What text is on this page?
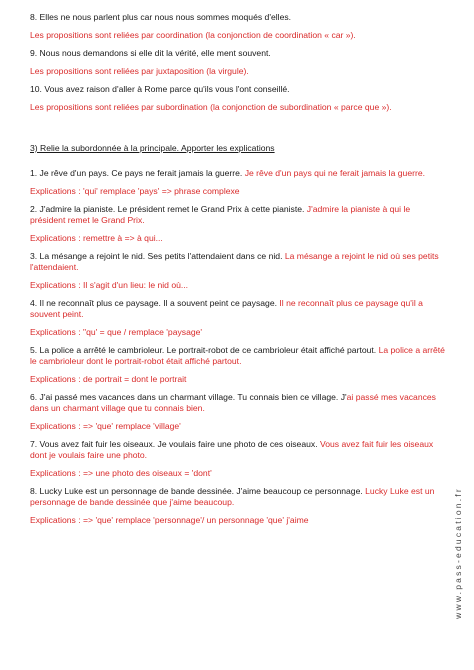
8. Elles ne nous parlent plus car nous nous sommes moqués d'elles.

Les propositions sont reliées par coordination (la conjonction de coordination « car »).

9. Nous nous demandons si elle dit la vérité, elle ment souvent.

Les propositions sont reliées par juxtaposition (la virgule).

10. Vous avez raison d'aller à Rome parce qu'ils vous l'ont conseillé.

Les propositions sont reliées par subordination (la conjonction de subordination « parce que »).

3) Relie la subordonnée à la principale. Apporter les explications

1. Je rêve d'un pays. Ce pays ne ferait jamais la guerre. Je rêve d'un pays qui ne ferait jamais la guerre.

Explications : 'qui' remplace 'pays' => phrase complexe

2. J'admire la pianiste. Le président remet le Grand Prix à cette pianiste. J'admire la pianiste à qui le président remet le Grand Prix.

Explications : remettre à => à qui...

3. La mésange a rejoint le nid. Ses petits l'attendaient dans ce nid. La mésange a rejoint le nid où ses petits l'attendaient.

Explications : Il s'agit d'un lieu: le nid où...

4. Il ne reconnaît plus ce paysage. Il a souvent peint ce paysage. Il ne reconnaît plus ce paysage qu'il a souvent peint.

Explications : "qu' = que / remplace 'paysage'

5. La police a arrêté le cambrioleur. Le portrait-robot de ce cambrioleur était affiché partout. La police a arrêté le cambrioleur dont le portrait-robot était affiché partout.

Explications : de portrait = dont le portrait

6. J'ai passé mes vacances dans un charmant village. Tu connais bien ce village. J'ai passé mes vacances dans un charmant village que tu connais bien.

Explications : => 'que' remplace 'village'

7. Vous avez fait fuir les oiseaux. Je voulais faire une photo de ces oiseaux. Vous avez fait fuir les oiseaux dont je voulais faire une photo.

Explications : => une photo des oiseaux = 'dont'

8. Lucky Luke est un personnage de bande dessinée. J'aime beaucoup ce personnage. Lucky Luke est un personnage de bande dessinée que j'aime beaucoup.

Explications : => 'que' remplace 'personnage'/ un personnage 'que' j'aime	www.pass-education.fr
